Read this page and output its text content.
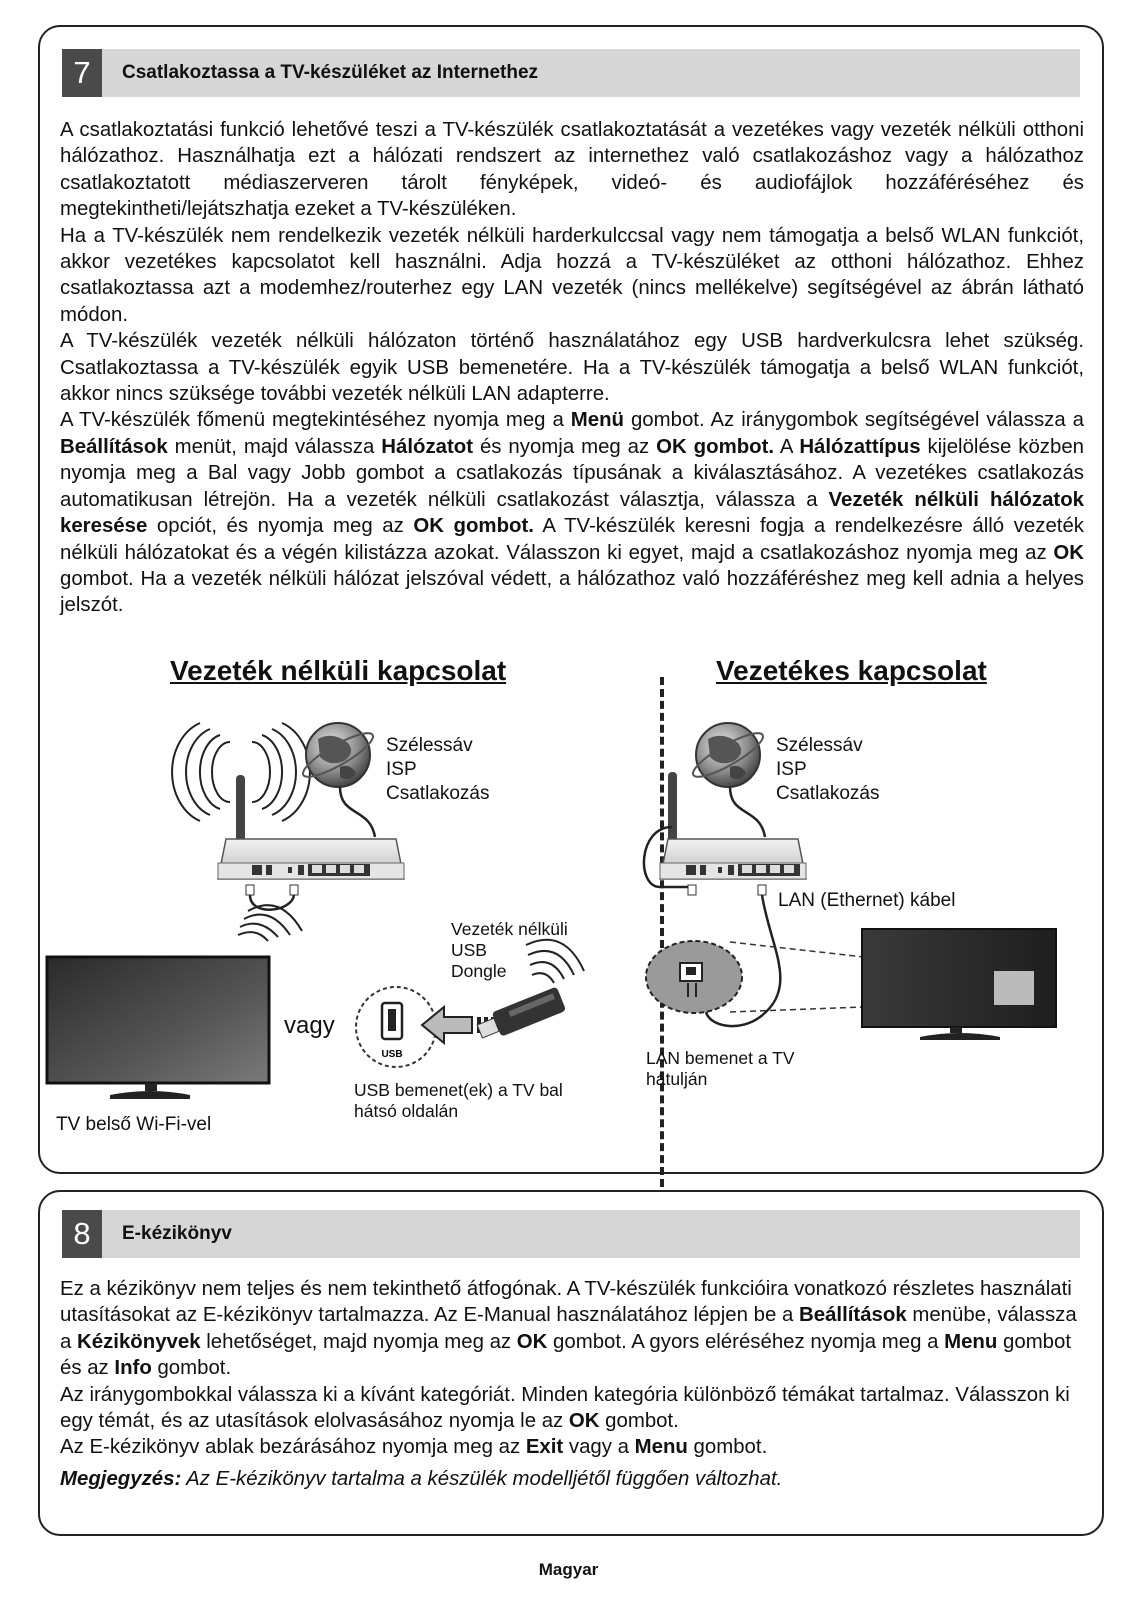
7	Csatlakoztassa a TV-készüléket az Internethez

A csatlakoztatási funkció lehetővé teszi a TV-készülék csatlakoztatását a vezetékes vagy vezeték nélküli otthoni hálózathoz. Használhatja ezt a hálózati rendszert az internethez való csatlakozáshoz vagy a hálózathoz csatlakoztatott médiaszerveren tárolt fényképek, videó- és audiofájlok hozzáféréséhez és megtekintheti/lejátszhatja ezeket a TV-készüléken.

Ha a TV-készülék nem rendelkezik vezeték nélküli harderkulccsal vagy nem támogatja a belső WLAN funkciót, akkor vezetékes kapcsolatot kell használni. Adja hozzá a TV-készüléket az otthoni hálózathoz. Ehhez csatlakoztassa azt a modemhez/routerhez egy LAN vezeték (nincs mellékelve) segítségével az ábrán látható módon.

A TV-készülék vezeték nélküli hálózaton történő használatához egy USB hardverkulcsra lehet szükség. Csatlakoztassa a TV-készülék egyik USB bemenetére. Ha a TV-készülék támogatja a belső WLAN funkciót, akkor nincs szüksége további vezeték nélküli LAN adapterre.

A TV-készülék főmenü megtekintéséhez nyomja meg a Menü gombot. Az iránygombok segítségével válassza a Beállítások menüt, majd válassza Hálózatot és nyomja meg az OK gombot. A Hálózattípus kijelölése közben nyomja meg a Bal vagy Jobb gombot a csatlakozás típusának a kiválasztásához. A vezetékes csatlakozás automatikusan létrejön. Ha a vezeték nélküli csatlakozást választja, válassza a Vezeték nélküli hálózatok keresése opciót, és nyomja meg az OK gombot. A TV-készülék keresni fogja a rendelkezésre álló vezeték nélküli hálózatokat és a végén kilistázza azokat. Válasszon ki egyet, majd a csatlakozáshoz nyomja meg az OK gombot. Ha a vezeték nélküli hálózat jelszóval védett, a hálózathoz való hozzáféréshez meg kell adnia a helyes jelszót.

Vezeték nélküli kapcsolat	Vezetékes kapcsolat
Szélessáv
ISP
Csatlakozás
Szélessáv
ISP
Csatlakozás
Vezeték nélküli
USB
Dongle
vagy
USB bemenet(ek) a TV bal
hátsó oldalán
TV belső Wi-Fi-vel
LAN (Ethernet) kábel
LAN bemenet a TV
hátulján
USB
8	E-kézikönyv

Ez a kézikönyv nem teljes és nem tekinthető átfogónak. A TV-készülék funkcióira vonatkozó részletes használati utasításokat az E-kézikönyv tartalmazza. Az E-Manual használatához lépjen be a Beállítások menübe, válassza a Kézikönyvek lehetőséget, majd nyomja meg az OK gombot. A gyors eléréséhez nyomja meg a Menu gombot és az Info gombot.

Az iránygombokkal válassza ki a kívánt kategóriát. Minden kategória különböző témákat tartalmaz. Válasszon ki egy témát, és az utasítások elolvasásához nyomja le az OK gombot.

Az E-kézikönyv ablak bezárásához nyomja meg az Exit vagy a Menu gombot.

Megjegyzés: Az E-kézikönyv tartalma a készülék modelljétől függően változhat.
Magyar
